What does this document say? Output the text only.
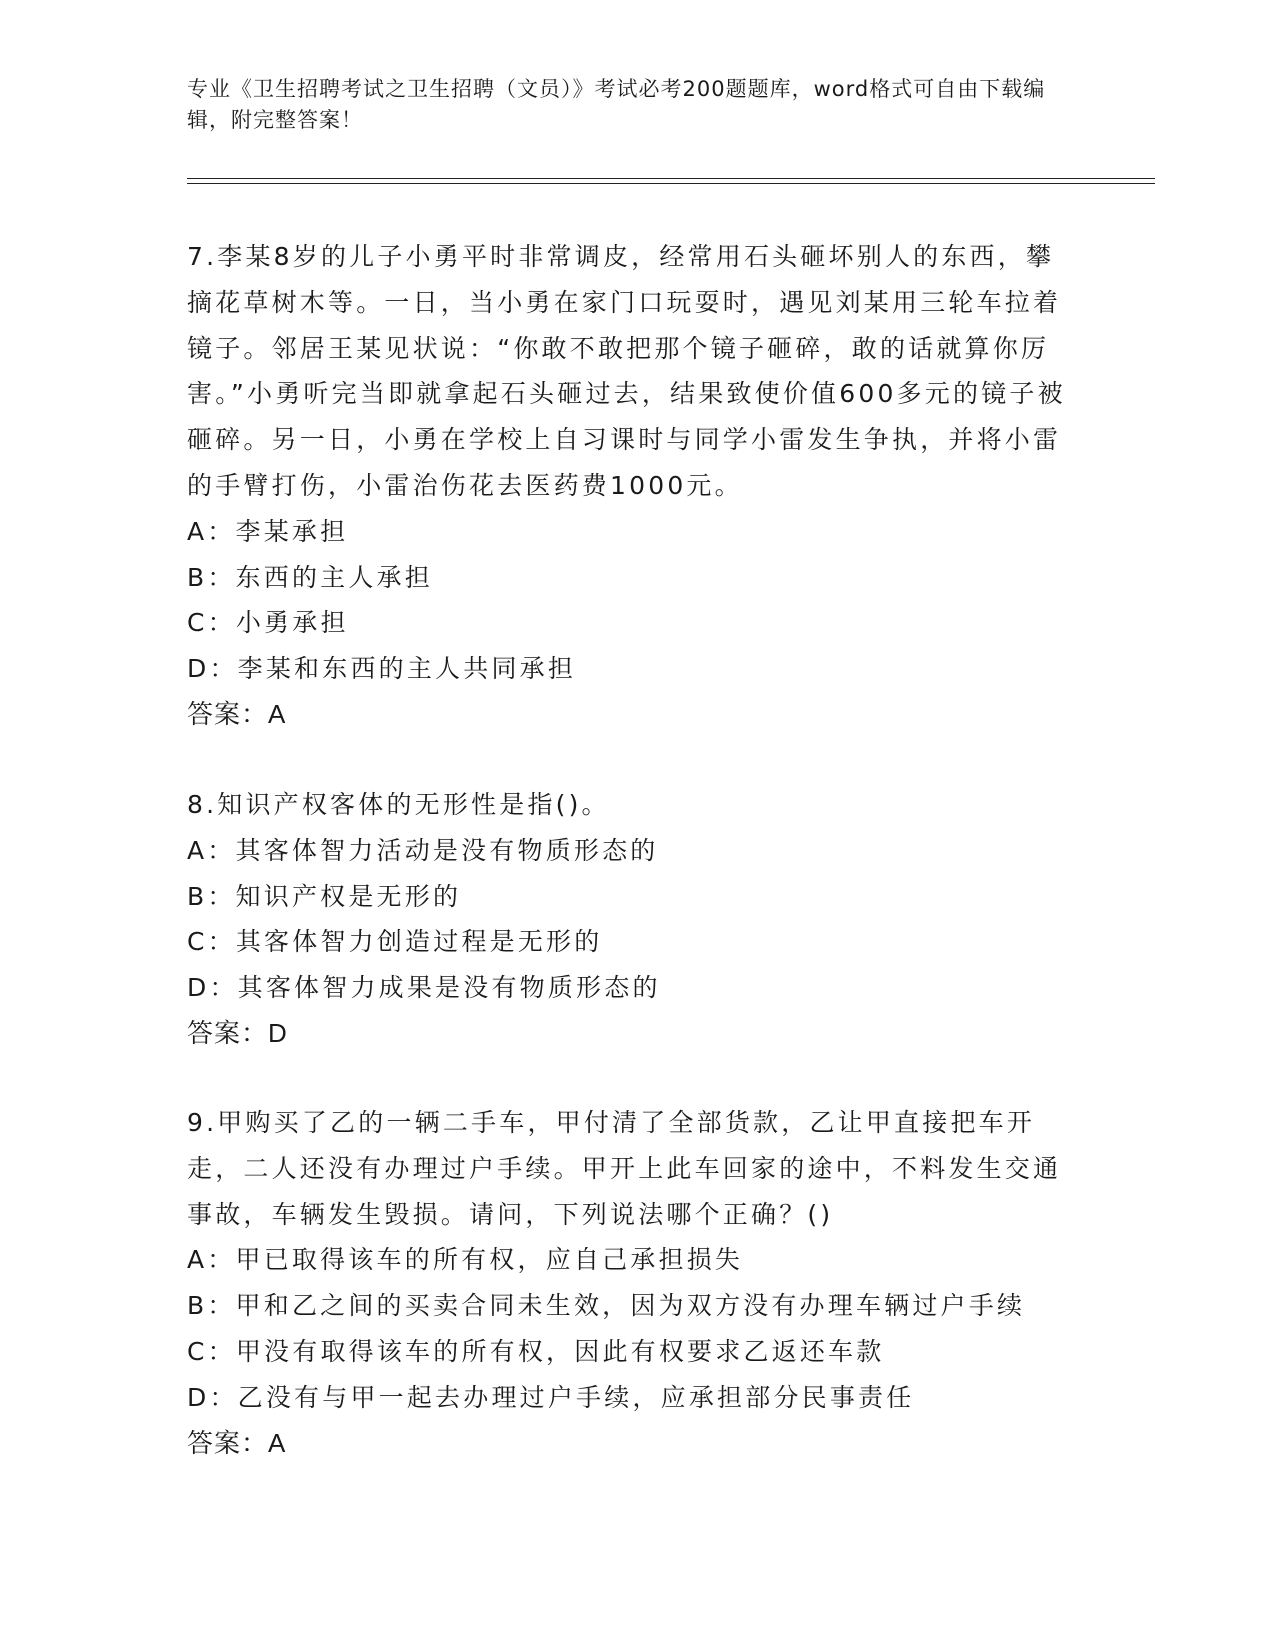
专业《卫生招聘考试之卫生招聘（文员）》考试必考200题题库，word格式可自由下载编辑，附完整答案！

7.李某8岁的儿子小勇平时非常调皮，经常用石头砸坏别人的东西，攀摘花草树木等。一日，当小勇在家门口玩耍时，遇见刘某用三轮车拉着镜子。邻居王某见状说：“你敢不敢把那个镜子砸碎，敢的话就算你厉害。”小勇听完当即就拿起石头砸过去，结果致使价值600多元的镜子被砸碎。另一日，小勇在学校上自习课时与同学小雷发生争执，并将小雷的手臂打伤，小雷治伤花去医药费1000元。

A：李某承担

B：东西的主人承担

C：小勇承担

D：李某和东西的主人共同承担

答案：A

8.知识产权客体的无形性是指()。

A：其客体智力活动是没有物质形态的

B：知识产权是无形的

C：其客体智力创造过程是无形的

D：其客体智力成果是没有物质形态的

答案：D

9.甲购买了乙的一辆二手车，甲付清了全部货款，乙让甲直接把车开走，二人还没有办理过户手续。甲开上此车回家的途中，不料发生交通事故，车辆发生毁损。请问，下列说法哪个正确？()

A：甲已取得该车的所有权，应自己承担损失

B：甲和乙之间的买卖合同未生效，因为双方没有办理车辆过户手续

C：甲没有取得该车的所有权，因此有权要求乙返还车款

D：乙没有与甲一起去办理过户手续，应承担部分民事责任

答案：A
